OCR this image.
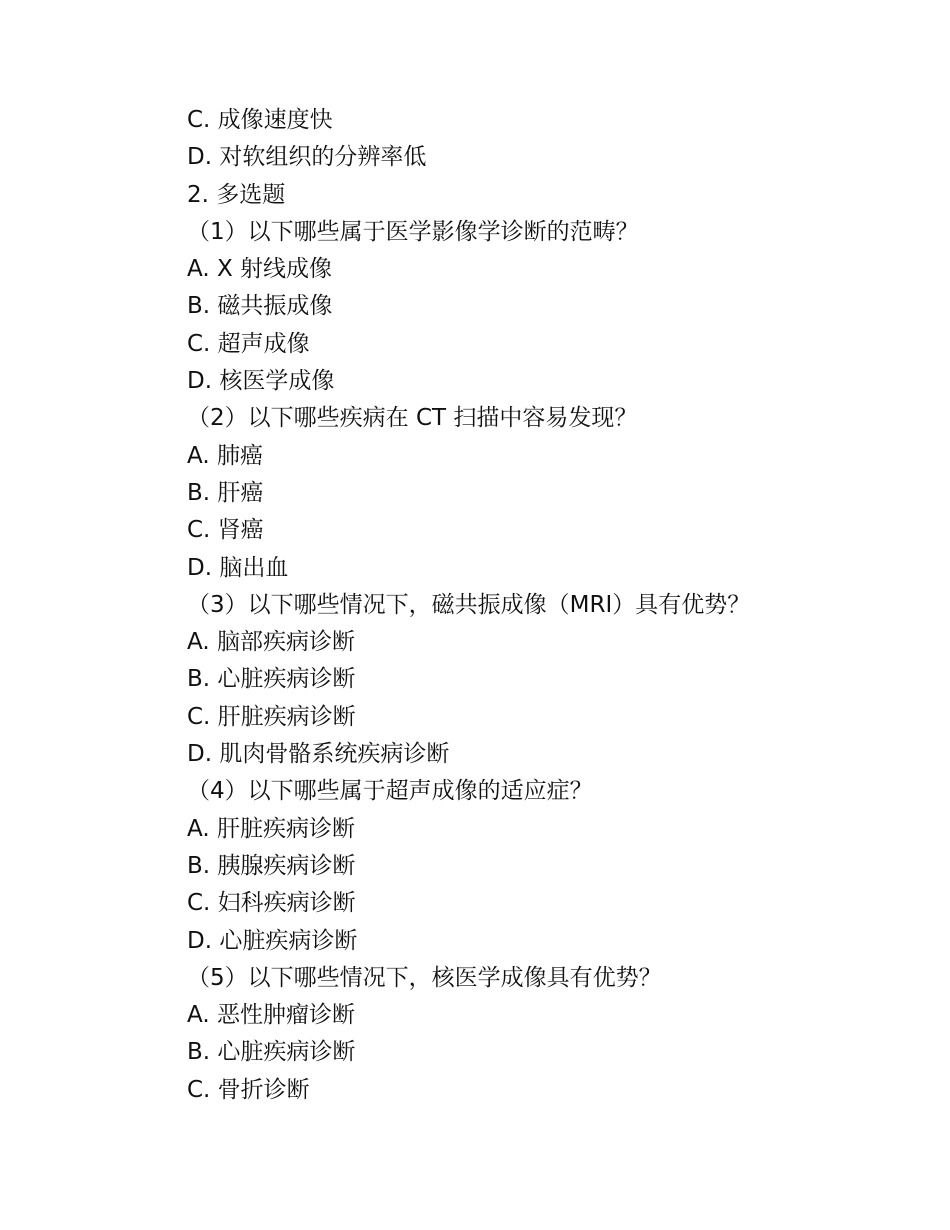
C. 成像速度快
D. 对软组织的分辨率低
2. 多选题
（1）以下哪些属于医学影像学诊断的范畴？
A. X 射线成像
B. 磁共振成像
C. 超声成像
D. 核医学成像
（2）以下哪些疾病在 CT 扫描中容易发现？
A. 肺癌
B. 肝癌
C. 肾癌
D. 脑出血
（3）以下哪些情况下，磁共振成像（MRI）具有优势？
A. 脑部疾病诊断
B. 心脏疾病诊断
C. 肝脏疾病诊断
D. 肌肉骨骼系统疾病诊断
（4）以下哪些属于超声成像的适应症？
A. 肝脏疾病诊断
B. 胰腺疾病诊断
C. 妇科疾病诊断
D. 心脏疾病诊断
（5）以下哪些情况下，核医学成像具有优势？
A. 恶性肿瘤诊断
B. 心脏疾病诊断
C. 骨折诊断
